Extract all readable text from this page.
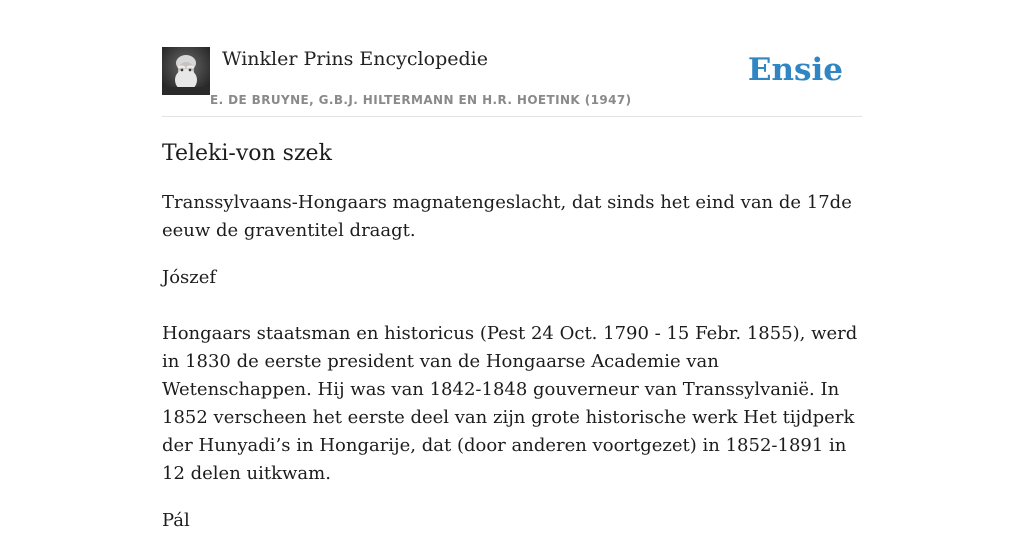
Winkler Prins Encyclopedie
E. DE BRUYNE, G.B.J. HILTERMANN EN H.R. HOETINK (1947)
Ensie
Teleki-von szek

Transsylvaans-Hongaars magnatengeslacht, dat sinds het eind van de 17de eeuw de graventitel draagt.

Jószef

Hongaars staatsman en historicus (Pest 24 Oct. 1790 - 15 Febr. 1855), werd in 1830 de eerste president van de Hongaarse Academie van Wetenschappen. Hij was van 1842-1848 gouverneur van Transsylvanië. In 1852 verscheen het eerste deel van zijn grote historische werk Het tijdperk der Hunyadi’s in Hongarije, dat (door anderen voortgezet) in 1852-1891 in 12 delen uitkwam.

Pál
